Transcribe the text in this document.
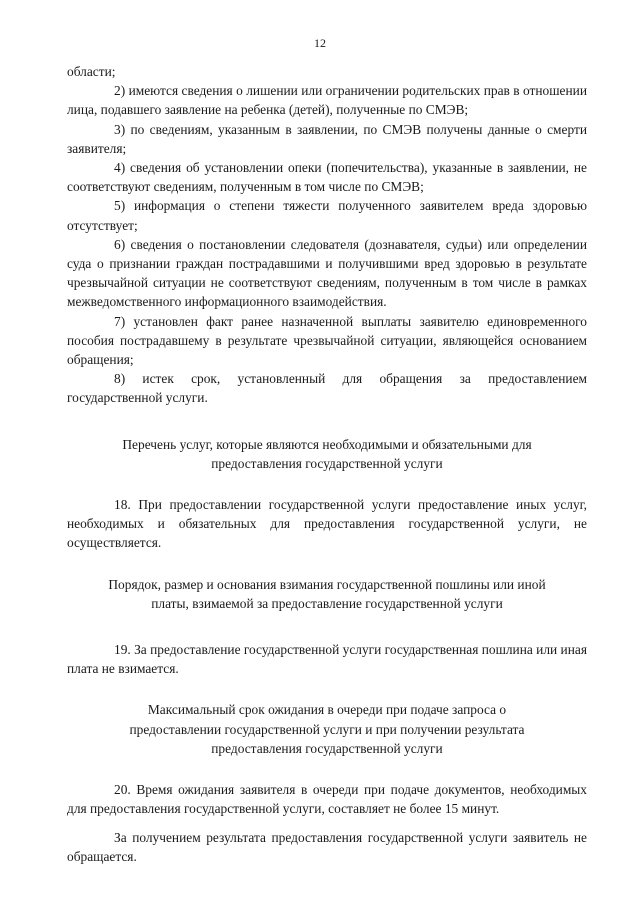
12

области;

2) имеются сведения о лишении или ограничении родительских прав в отношении лица, подавшего заявление на ребенка (детей), полученные по СМЭВ;

3) по сведениям, указанным в заявлении, по СМЭВ получены данные о смерти заявителя;

4) сведения об установлении опеки (попечительства), указанные в заявлении, не соответствуют сведениям, полученным в том числе по СМЭВ;

5) информация о степени тяжести полученного заявителем вреда здоровью отсутствует;

6) сведения о постановлении следователя (дознавателя, судьи) или определении суда о признании граждан пострадавшими и получившими вред здоровью в результате чрезвычайной ситуации не соответствуют сведениям, полученным в том числе в рамках межведомственного информационного взаимодействия.

7) установлен факт ранее назначенной выплаты заявителю единовременного пособия пострадавшему в результате чрезвычайной ситуации, являющейся основанием обращения;

8) истек срок, установленный для обращения за предоставлением государственной услуги.

Перечень услуг, которые являются необходимыми и обязательными для предоставления государственной услуги

18. При предоставлении государственной услуги предоставление иных услуг, необходимых и обязательных для предоставления государственной услуги, не осуществляется.

Порядок, размер и основания взимания государственной пошлины или иной платы, взимаемой за предоставление государственной услуги

19. За предоставление государственной услуги государственная пошлина или иная плата не взимается.

Максимальный срок ожидания в очереди при подаче запроса о предоставлении государственной услуги и при получении результата предоставления государственной услуги

20. Время ожидания заявителя в очереди при подаче документов, необходимых для предоставления государственной услуги, составляет не более 15 минут.

За получением результата предоставления государственной услуги заявитель не обращается.
